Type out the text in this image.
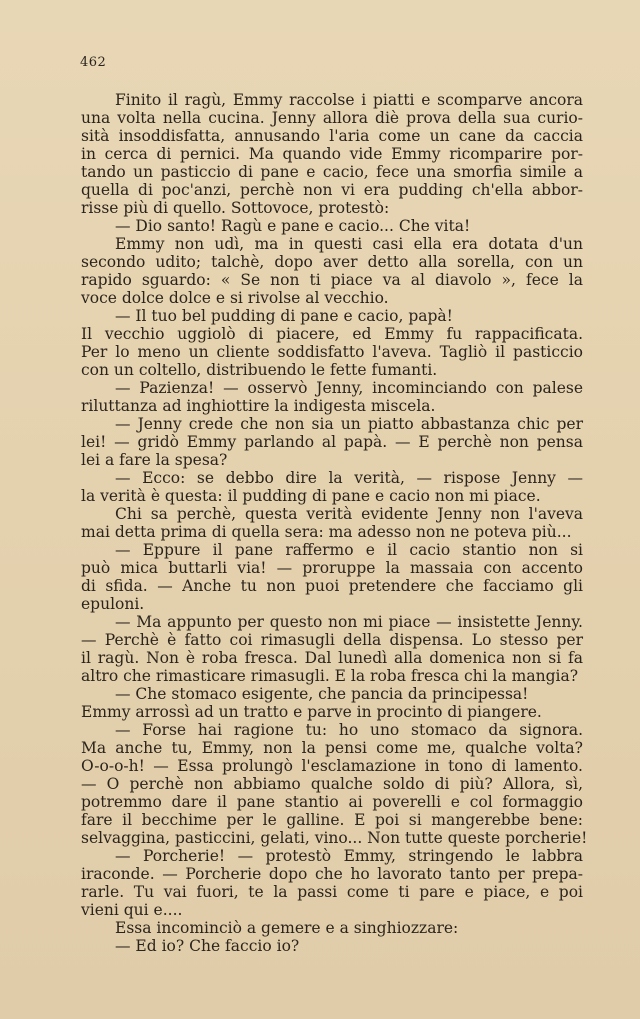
462
Finito il ragù, Emmy raccolse i piatti e scomparve ancora
una volta nella cucina. Jenny allora diè prova della sua curio-
sità insoddisfatta, annusando l'aria come un cane da caccia
in cerca di pernici. Ma quando vide Emmy ricomparire por-
tando un pasticcio di pane e cacio, fece una smorfia simile a
quella di poc'anzi, perchè non vi era pudding ch'ella abbor-
risse più di quello. Sottovoce, protestò:
— Dio santo! Ragù e pane e cacio... Che vita!
Emmy non udì, ma in questi casi ella era dotata d'un
secondo udito; talchè, dopo aver detto alla sorella, con un
rapido sguardo: « Se non ti piace va al diavolo », fece la
voce dolce dolce e si rivolse al vecchio.
— Il tuo bel pudding di pane e cacio, papà!
Il vecchio uggiolò di piacere, ed Emmy fu rappacificata.
Per lo meno un cliente soddisfatto l'aveva. Tagliò il pasticcio
con un coltello, distribuendo le fette fumanti.
— Pazienza! — osservò Jenny, incominciando con palese
riluttanza ad inghiottire la indigesta miscela.
— Jenny crede che non sia un piatto abbastanza chic per
lei! — gridò Emmy parlando al papà. — E perchè non pensa
lei a fare la spesa?
— Ecco: se debbo dire la verità, — rispose Jenny —
la verità è questa: il pudding di pane e cacio non mi piace.
Chi sa perchè, questa verità evidente Jenny non l'aveva
mai detta prima di quella sera: ma adesso non ne poteva più...
— Eppure il pane raffermo e il cacio stantio non si
può mica buttarli via! — proruppe la massaia con accento
di sfida. — Anche tu non puoi pretendere che facciamo gli
epuloni.
— Ma appunto per questo non mi piace — insistette Jenny.
— Perchè è fatto coi rimasugli della dispensa. Lo stesso per
il ragù. Non è roba fresca. Dal lunedì alla domenica non si fa
altro che rimasticare rimasugli. E la roba fresca chi la mangia?
— Che stomaco esigente, che pancia da principessa!
Emmy arrossì ad un tratto e parve in procinto di piangere.
— Forse hai ragione tu: ho uno stomaco da signora.
Ma anche tu, Emmy, non la pensi come me, qualche volta?
O-o-o-h! — Essa prolungò l'esclamazione in tono di lamento.
— O perchè non abbiamo qualche soldo di più? Allora, sì,
potremmo dare il pane stantio ai poverelli e col formaggio
fare il becchime per le galline. E poi si mangerebbe bene:
selvaggina, pasticcini, gelati, vino... Non tutte queste porcherie!
— Porcherie! — protestò Emmy, stringendo le labbra
iraconde. — Porcherie dopo che ho lavorato tanto per prepa-
rarle. Tu vai fuori, te la passi come ti pare e piace, e poi
vieni qui e....
Essa incominciò a gemere e a singhiozzare:
— Ed io? Che faccio io?
